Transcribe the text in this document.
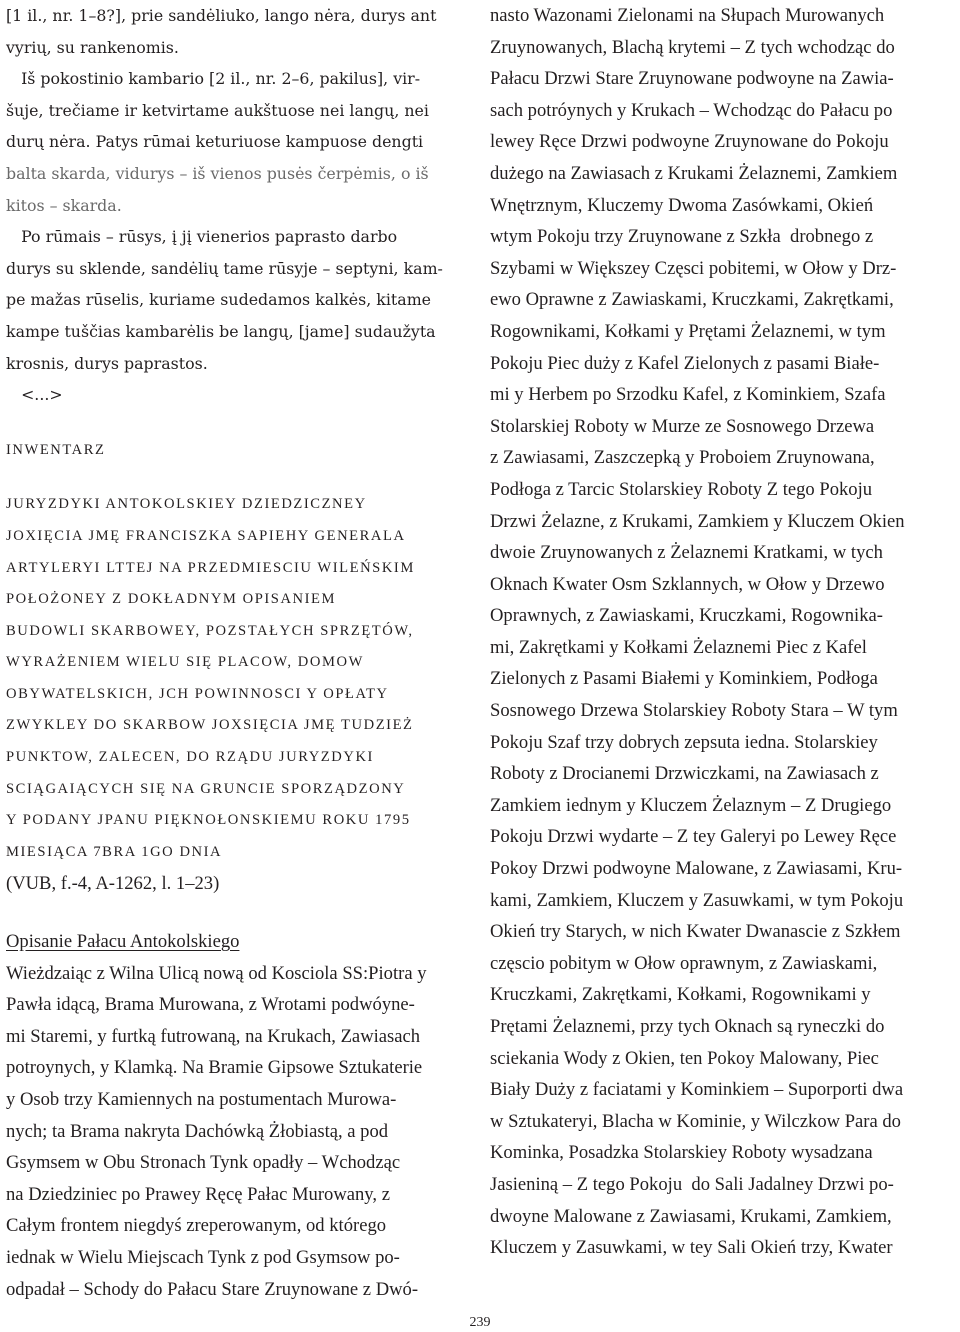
[1 il., nr. 1–8?], prie sandėliuko, lango nėra, durys ant
vyrių, su rankenomis.
Iš pokostinio kambario [2 il., nr. 2–6, pakilus], vir-
šuje, trečiame ir ketvirtame aukštuose nei langų, nei
durų nėra. Patys rūmai keturiuose kampuose dengti
balta skarda, vidurys – iš vienos pusės čerpėmis, o iš
kitos – skarda.
Po rūmais – rūsys, į jį vienerios paprasto darbo
durys su sklende, sandėlių tame rūsyje – septyni, kam-
pe mažas rūselis, kuriame sudedamos kalkės, kitame
kampe tuščias kambarėlis be langų, [jame] sudaužyta
krosnis, durys paprastos.
<...>
INWENTARZ
JURYZDYKI ANTOKOLSKIEY DZIEDZICZNEY
JOXIĘCIA JMĘ FRANCISZKA SAPIEHY GENERALA
ARTYLERYI LTTEJ NA PRZEDMIESCIU WILEŃSKIM
POŁOŻONEY Z DOKŁADNYM OPISANIEM
BUDOWLI SKARBOWEY, POZSTAŁYCH SPRZĘTÓW,
WYRAŻENIEM WIELU SIĘ PLACOW, DOMOW
OBYWATELSKICH, JCH POWINNOSCI Y OPŁATY
ZWYKLEY DO SKARBOW JOXSIĘCIA JMĘ TUDZIEŻ
PUNKTOW, ZALECEN, DO RZĄDU JURYZDYKI
SCIĄGAIĄCYCH SIĘ NA GRUNCIE SPORZĄDZONY
Y PODANY JPANU PIĘKNOŁONSKIEMU ROKU 1795
MIESIĄCA 7BRA 1GO DNIA
(VUB, f.-4, A-1262, l. 1–23)
Opisanie Pałacu Antokolskiego
Wieżdzaiąc z Wilna Ulicą nową od Kosciola SS:Piotra y
Pawła idącą, Brama Murowana, z Wrotami podwóyne-
mi Staremi, y furtką futrowaną, na Krukach, Zawiasach
potroynych, y Klamką. Na Bramie Gipsowe Sztukaterie
y Osob trzy Kamiennych na postumentach Murowa-
nych; ta Brama nakryta Dachówką Żłobiastą, a pod
Gsymsem w Obu Stronach Tynk opadły – Wchodząc
na Dziedziniec po Prawey Ręcę Pałac Murowany, z
Całym frontem niegdyś zreperowanym, od którego
iednak w Wielu Miejscach Tynk z pod Gsymsow po-
odpadał – Schody do Pałacu Stare Zruynowane z Dwó-
nasto Wazonami Zielonami na Słupach Murowanych
Zruynowanych, Blachą krytemi – Z tych wchodząc do
Pałacu Drzwi Stare Zruynowane podwoyne na Zawia-
sach potróynych y Krukach – Wchodząc do Pałacu po
lewey Ręce Drzwi podwoyne Zruynowane do Pokoju
dużego na Zawiasach z Krukami Żelaznemi, Zamkiem
Wnętrznym, Kluczemy Dwoma Zasówkami, Okień
wtym Pokoju trzy Zruynowane z Szkła  drobnego z
Szybami w Większey Częsci pobitemi, w Ołow y Drz-
ewo Oprawne z Zawiaskami, Kruczkami, Zakrętkami,
Rogownikami, Kołkami y Prętami Żelaznemi, w tym
Pokoju Piec duży z Kafel Zielonych z pasami Białe-
mi y Herbem po Srzodku Kafel, z Kominkiem, Szafa
Stolarskiej Roboty w Murze ze Sosnowego Drzewa
z Zawiasami, Zaszczepką y Proboiem Zruynowana,
Podłoga z Tarcic Stolarskiey Roboty Z tego Pokoju
Drzwi Żelazne, z Krukami, Zamkiem y Kluczem Okien
dwoie Zruynowanych z Żelaznemi Kratkami, w tych
Oknach Kwater Osm Szklannych, w Ołow y Drzewo
Oprawnych, z Zawiaskami, Kruczkami, Rogownika-
mi, Zakrętkami y Kołkami Żelaznemi Piec z Kafel
Zielonych z Pasami Białemi y Kominkiem, Podłoga
Sosnowego Drzewa Stolarskiey Roboty Stara – W tym
Pokoju Szaf trzy dobrych zepsuta iedna. Stolarskiey
Roboty z Drocianemi Drzwiczkami, na Zawiasach z
Zamkiem iednym y Kluczem Żelaznym – Z Drugiego
Pokoju Drzwi wydarte – Z tey Galeryi po Lewey Ręce
Pokoy Drzwi podwoyne Malowane, z Zawiasami, Kru-
kami, Zamkiem, Kluczem y Zasuwkami, w tym Pokoju
Okień try Starych, w nich Kwater Dwanascie z Szkłem
częscio pobitym w Ołow oprawnym, z Zawiaskami,
Kruczkami, Zakrętkami, Kołkami, Rogownikami y
Prętami Żelaznemi, przy tych Oknach są ryneczki do
sciekania Wody z Okien, ten Pokoy Malowany, Piec
Biały Duży z faciatami y Kominkiem – Suporporti dwa
w Sztukateryi, Blacha w Kominie, y Wilczkow Para do
Kominka, Posadzka Stolarskiey Roboty wysadzana
Jasieniną – Z tego Pokoju  do Sali Jadalney Drzwi po-
dwoyne Malowane z Zawiasami, Krukami, Zamkiem,
Kluczem y Zasuwkami, w tey Sali Okień trzy, Kwater
239
